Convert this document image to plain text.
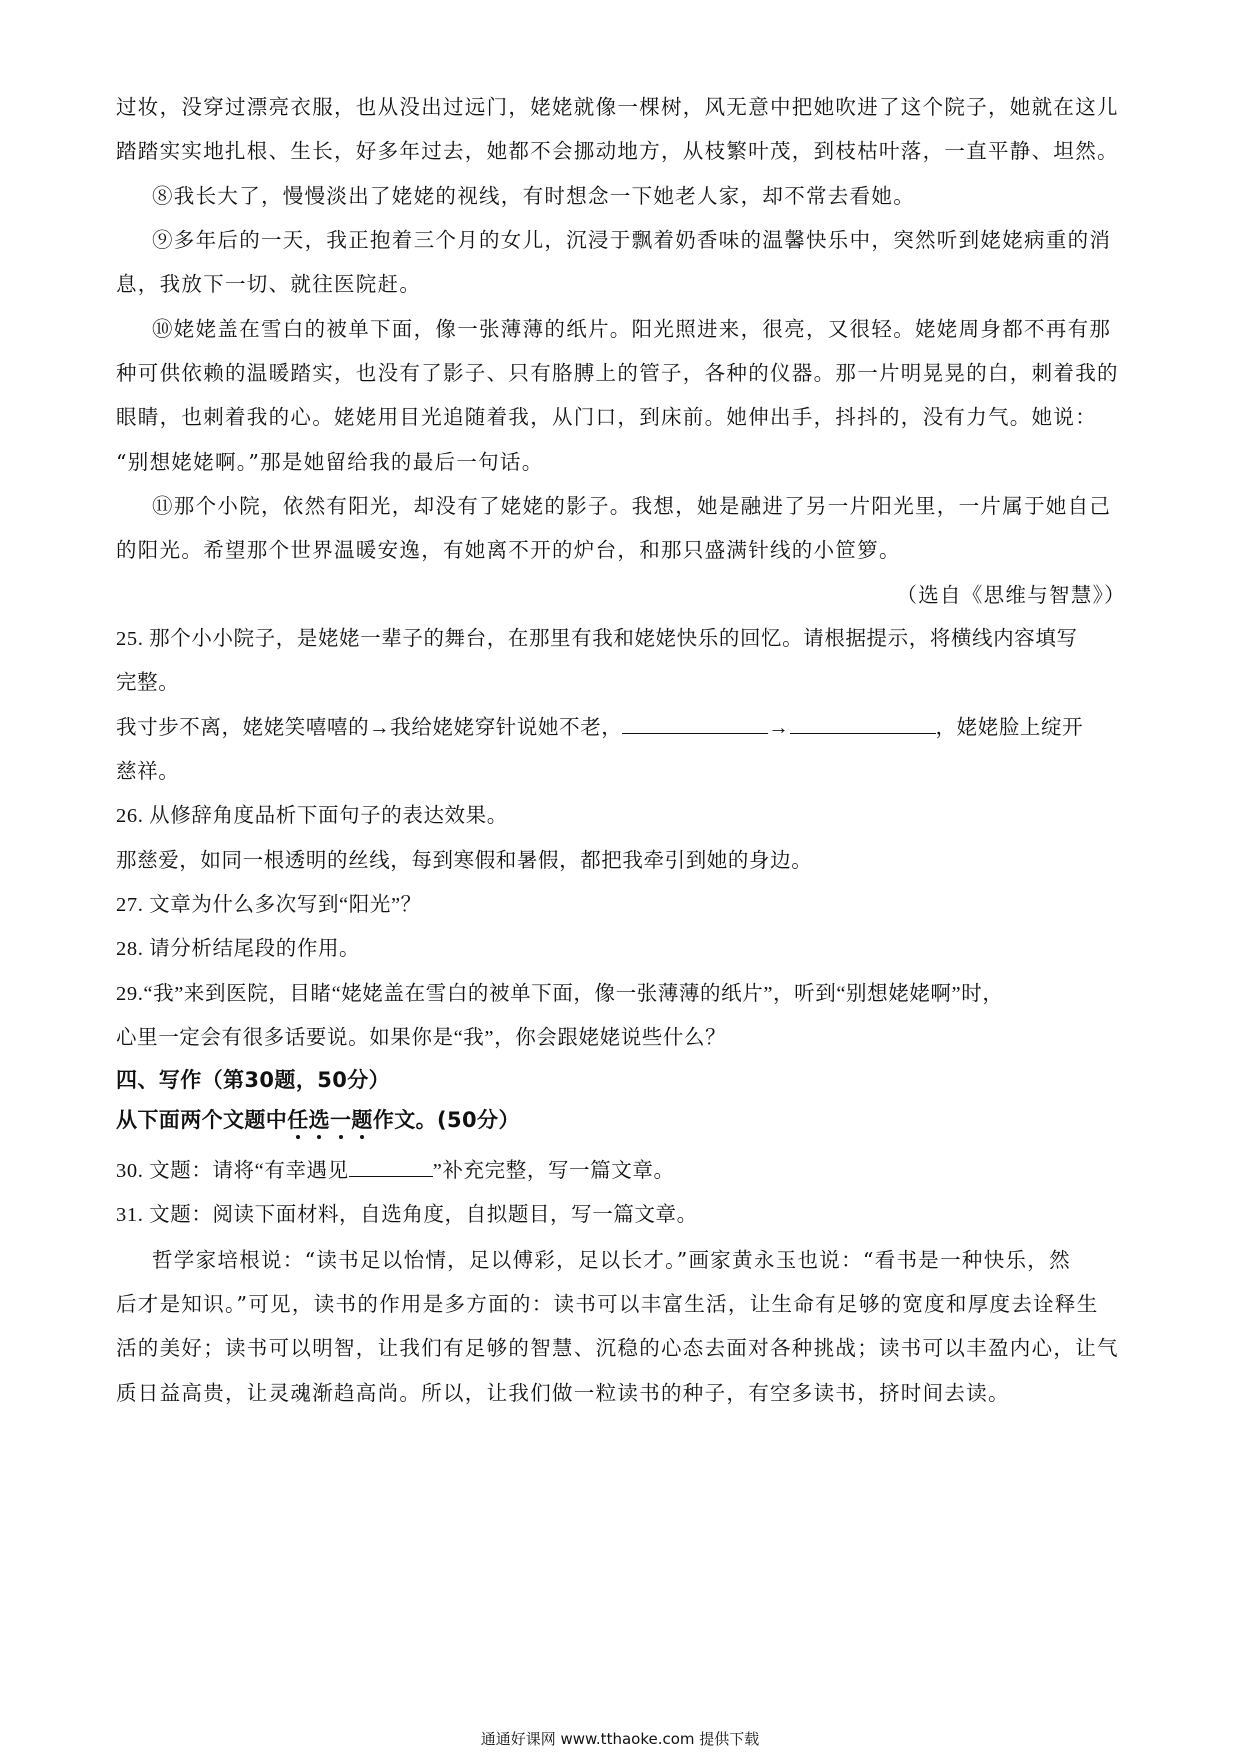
过妆，没穿过漂亮衣服，也从没出过远门，姥姥就像一棵树，风无意中把她吹进了这个院子，她就在这儿
踏踏实实地扎根、生长，好多年过去，她都不会挪动地方，从枝繁叶茂，到枝枯叶落，一直平静、坦然。
⑧我长大了，慢慢淡出了姥姥的视线，有时想念一下她老人家，却不常去看她。
⑨多年后的一天，我正抱着三个月的女儿，沉浸于飘着奶香味的温馨快乐中，突然听到姥姥病重的消
息，我放下一切、就往医院赶。
⑩姥姥盖在雪白的被单下面，像一张薄薄的纸片。阳光照进来，很亮，又很轻。姥姥周身都不再有那
种可供依赖的温暖踏实，也没有了影子、只有胳膊上的管子，各种的仪器。那一片明晃晃的白，刺着我的
眼睛，也刺着我的心。姥姥用目光追随着我，从门口，到床前。她伸出手，抖抖的，没有力气。她说：
“别想姥姥啊。”那是她留给我的最后一句话。
⑪那个小院，依然有阳光，却没有了姥姥的影子。我想，她是融进了另一片阳光里，一片属于她自己
的阳光。希望那个世界温暖安逸，有她离不开的炉台，和那只盛满针线的小笸箩。
（选自《思维与智慧》）
25. 那个小小院子，是姥姥一辈子的舞台，在那里有我和姥姥快乐的回忆。请根据提示，将横线内容填写
完整。
我寸步不离，姥姥笑嘻嘻的→我给姥姥穿针说她不老，	→	，姥姥脸上绽开
慈祥。
26. 从修辞角度品析下面句子的表达效果。
那慈爱，如同一根透明的丝线，每到寒假和暑假，都把我牵引到她的身边。
27. 文章为什么多次写到“阳光”？
28. 请分析结尾段的作用。
29.“我”来到医院，目睹“姥姥盖在雪白的被单下面，像一张薄薄的纸片”，听到“别想姥姥啊”时，
心里一定会有很多话要说。如果你是“我”，你会跟姥姥说些什么？
四、写作（第30题，50分）
从下面两个文题中任选一题作文。(50分）
30. 文题：请将“有幸遇见	”补充完整，写一篇文章。
31. 文题：阅读下面材料，自选角度，自拟题目，写一篇文章。
哲学家培根说：“读书足以怡情，足以傅彩，足以长才。”画家黄永玉也说：“看书是一种快乐，然
后才是知识。”可见，读书的作用是多方面的：读书可以丰富生活，让生命有足够的宽度和厚度去诠释生
活的美好；读书可以明智，让我们有足够的智慧、沉稳的心态去面对各种挑战；读书可以丰盈内心，让气
质日益高贵，让灵魂渐趋高尚。所以，让我们做一粒读书的种子，有空多读书，挤时间去读。
通通好课网 www.tthaoke.com 提供下载
